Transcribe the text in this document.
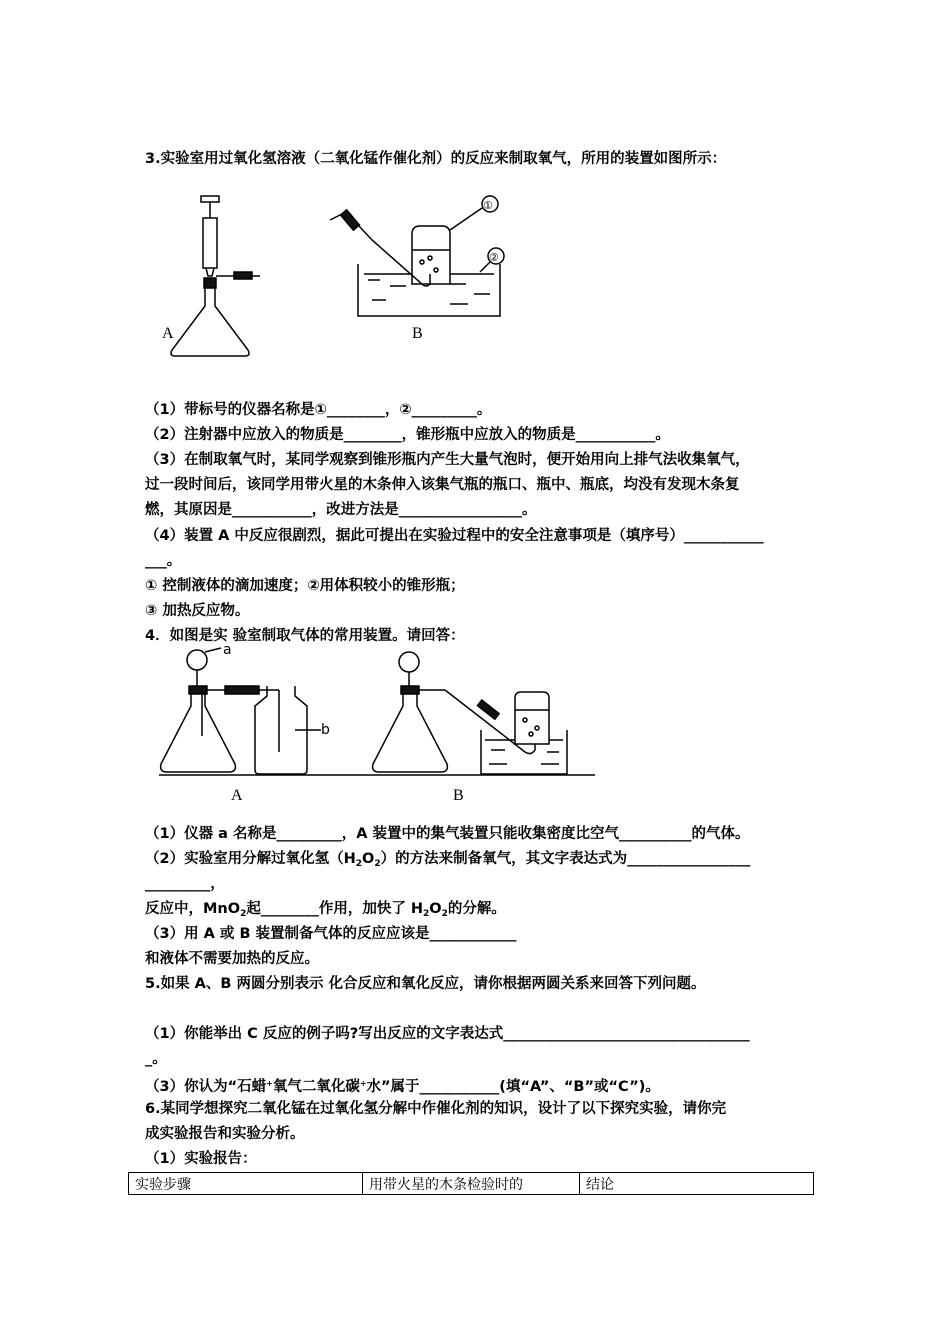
3.实验室用过氧化氢溶液（二氧化锰作催化剂）的反应来制取氧气，所用的装置如图所示：
A	B
①
②
（1）带标号的仪器名称是①________，②_________。
（2）注射器中应放入的物质是________，锥形瓶中应放入的物质是___________。
（3）在制取氧气时，某同学观察到锥形瓶内产生大量气泡时，便开始用向上排气法收集氧气，
过一段时间后，该同学用带火星的木条伸入该集气瓶的瓶口、瓶中、瓶底，均没有发现木条复
燃，其原因是___________，改进方法是_________________。
（4）装置 A 中反应很剧烈，据此可提出在实验过程中的安全注意事项是（填序号）___________
___。
① 控制液体的滴加速度；②用体积较小的锥形瓶；
③ 加热反应物。
4．如图是实 验室制取气体的常用装置。请回答：
a
b
A	B
（1）仪器 a 名称是_________，A 装置中的集气装置只能收集密度比空气__________的气体。
（2）实验室用分解过氧化氢$(H_2O_2)$的方法来制备氧气，其文字表达式为_________________
_________，
反应中，MnO$_2$起________作用，加快了 $H_2O_2$的分解。
（3）用 A 或 B 装置制备气体的反应应该是____________
和液体不需要加热的反应。
5.如果 A、B 两圆分别表示 化合反应和氧化反应，请你根据两圆关系来回答下列问题。
（1）你能举出 C 反应的例子吗?写出反应的文字表达式__________________________________
_。
（3）你认为“石蜡+氧气二氧化碳+水”属于___________(填“A”、“B”或“C”)。
6.某同学想探究二氧化锰在过氧化氢分解中作催化剂的知识，设计了以下探究实验，请你完
成实验报告和实验分析。
（1）实验报告：
实验步骤	用带火星的木条检验时的	结论
